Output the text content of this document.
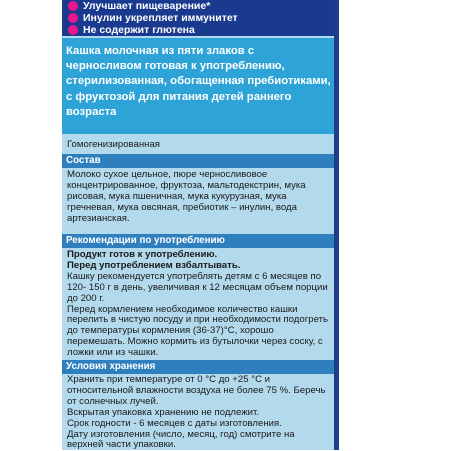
Улучшает пищеварение*
Инулин укрепляет иммунитет
Не содержит глютена
Кашка молочная из пяти злаков с черносливом готовая к употреблению, стерилизованная, обогащенная пребиотиками, с фруктозой для питания детей раннего возраста
Гомогенизированная
Состав

Молоко сухое цельное, пюре черносливовое концентрированное, фруктоза, мальтодекстрин, мука рисовая, мука пшеничная, мука кукурузная, мука гречневая, мука овсяная, пребиотик – инулин, вода артезианская.

Рекомендации по употреблению

Продукт готов к употреблению.

Перед употреблением взбалтывать.

Кашку рекомендуется употреблять детям с 6 месяцев по 120- 150 г в день, увеличивая к 12 месяцам объем порции до 200 г.
Перед кормлением необходимое количество кашки перелить в чистую посуду и при необходимости подогреть до температуры кормления (36-37)°С, хорошо перемешать. Можно кормить из бутылочки через соску, с ложки или из чашки.

Условия хранения

Хранить при температуре от 0 °С до +25 °С и относительной влажности воздуха не более 75 %. Беречь от солнечных лучей.
Вскрытая упаковка хранению не подлежит.
Срок годности - 6 месяцев с даты изготовления.
Дату изготовления (число, месяц, год) смотрите на верхней части упаковки.
